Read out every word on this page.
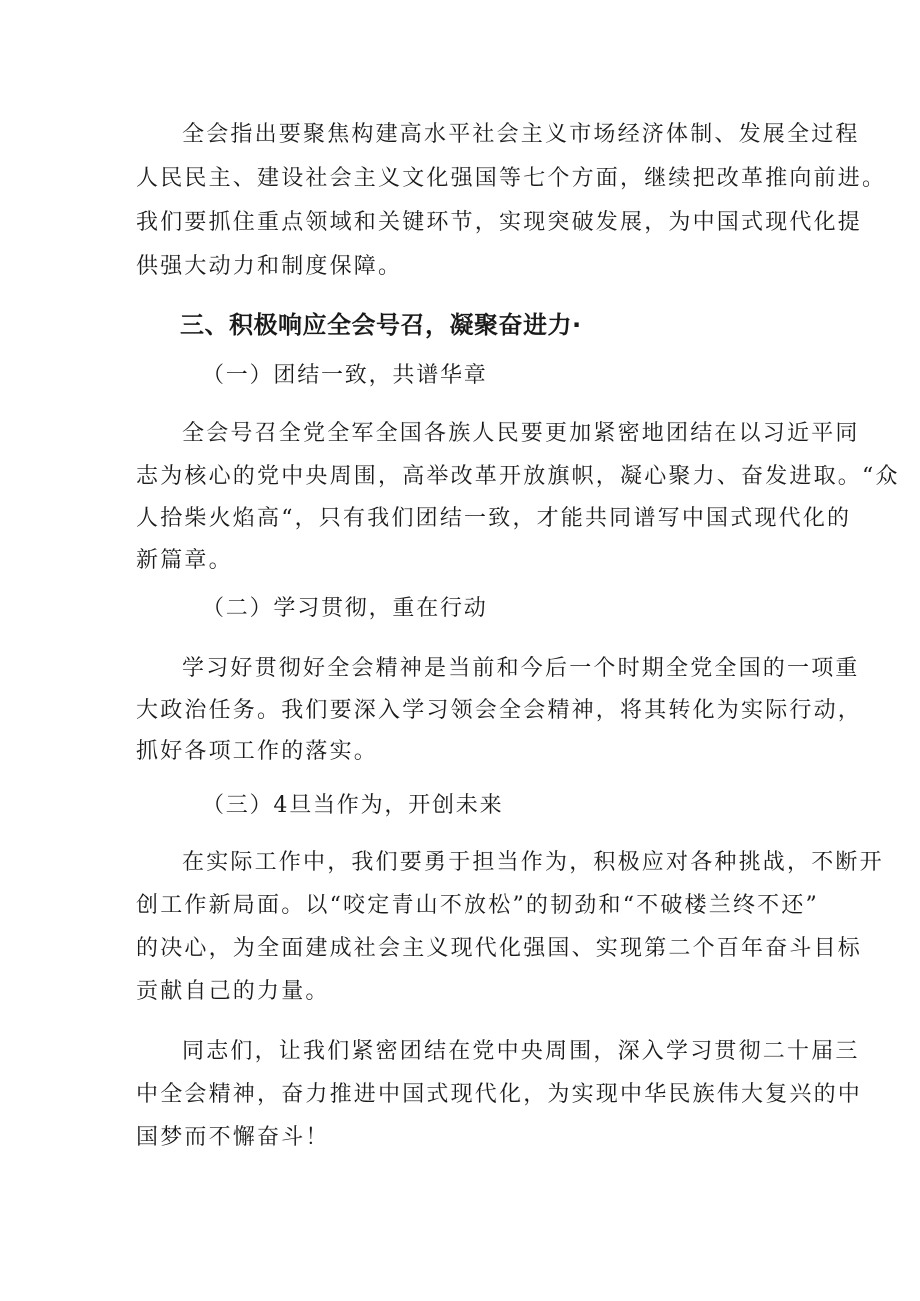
全会指出要聚焦构建高水平社会主义市场经济体制、发展全过程
人民民主、建设社会主义文化强国等七个方面，继续把改革推向前进。
我们要抓住重点领域和关键环节，实现突破发展，为中国式现代化提
供强大动力和制度保障。
三、积极响应全会号召，凝聚奋进力·
（一）团结一致，共谱华章
全会号召全党全军全国各族人民要更加紧密地团结在以习近平同
志为核心的党中央周围，高举改革开放旗帜，凝心聚力、奋发进取。“众
人拾柴火焰高“，只有我们团结一致，才能共同谱写中国式现代化的
新篇章。
（二）学习贯彻，重在行动
学习好贯彻好全会精神是当前和今后一个时期全党全国的一项重
大政治任务。我们要深入学习领会全会精神，将其转化为实际行动，
抓好各项工作的落实。
（三）4旦当作为，开创未来
在实际工作中，我们要勇于担当作为，积极应对各种挑战，不断开
创工作新局面。以“咬定青山不放松”的韧劲和“不破楼兰终不还”
的决心，为全面建成社会主义现代化强国、实现第二个百年奋斗目标
贡献自己的力量。
同志们，让我们紧密团结在党中央周围，深入学习贯彻二十届三
中全会精神，奋力推进中国式现代化，为实现中华民族伟大复兴的中
国梦而不懈奋斗！
